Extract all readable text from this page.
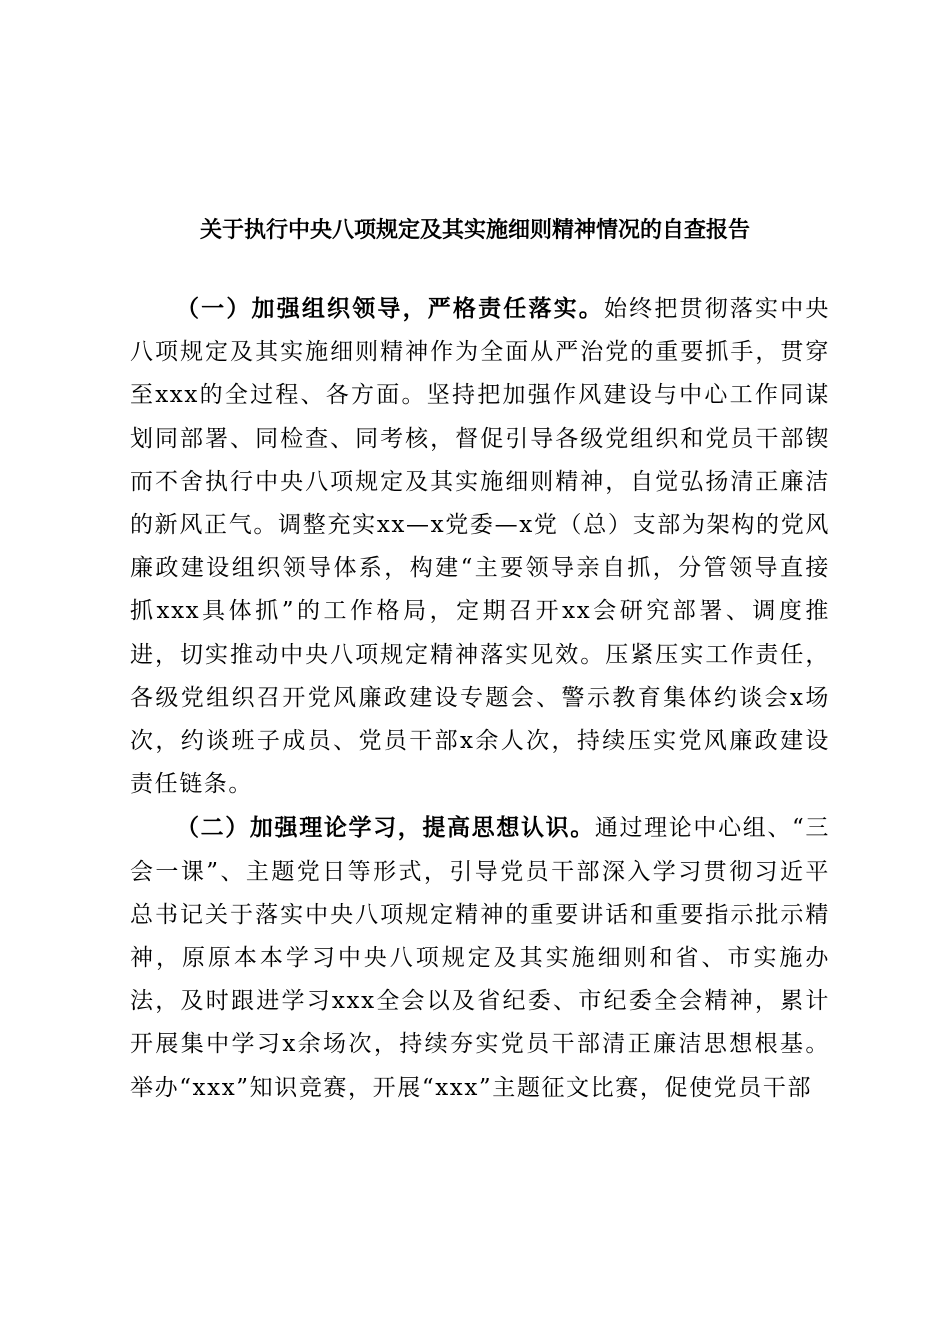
关于执行中央八项规定及其实施细则精神情况的自查报告

（一）加强组织领导，严格责任落实。始终把贯彻落实中央八项规定及其实施细则精神作为全面从严治党的重要抓手，贯穿至xxx的全过程、各方面。坚持把加强作风建设与中心工作同谋划同部署、同检查、同考核，督促引导各级党组织和党员干部锲而不舍执行中央八项规定及其实施细则精神，自觉弘扬清正廉洁的新风正气。调整充实xx—x党委—x党（总）支部为架构的党风廉政建设组织领导体系，构建“主要领导亲自抓，分管领导直接抓xxx具体抓”的工作格局，定期召开xx会研究部署、调度推进，切实推动中央八项规定精神落实见效。压紧压实工作责任，各级党组织召开党风廉政建设专题会、警示教育集体约谈会x场次，约谈班子成员、党员干部x余人次，持续压实党风廉政建设责任链条。

（二）加强理论学习，提高思想认识。通过理论中心组、“三会一课”、主题党日等形式，引导党员干部深入学习贯彻习近平总书记关于落实中央八项规定精神的重要讲话和重要指示批示精神，原原本本学习中央八项规定及其实施细则和省、市实施办法，及时跟进学习xxx全会以及省纪委、市纪委全会精神，累计开展集中学习x余场次，持续夯实党员干部清正廉洁思想根基。举办“xxx”知识竞赛，开展“xxx”主题征文比赛，促使党员干部
